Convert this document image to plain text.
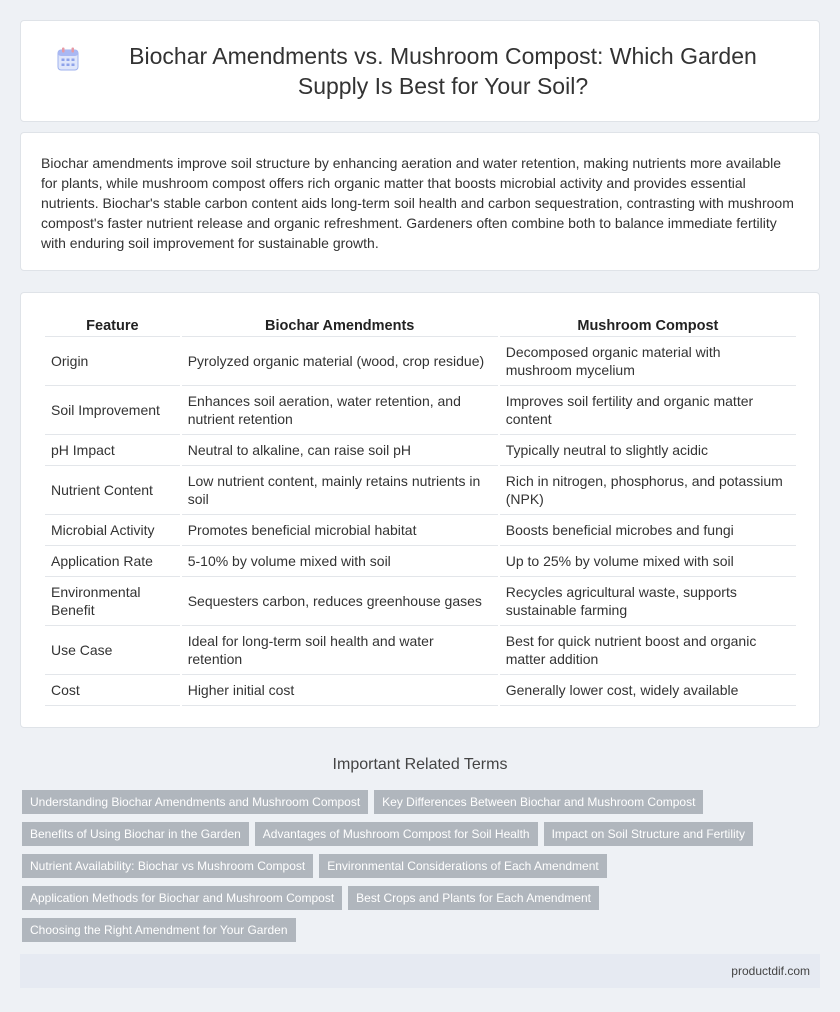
Biochar Amendments vs. Mushroom Compost: Which Garden Supply Is Best for Your Soil?

Biochar amendments improve soil structure by enhancing aeration and water retention, making nutrients more available for plants, while mushroom compost offers rich organic matter that boosts microbial activity and provides essential nutrients. Biochar's stable carbon content aids long-term soil health and carbon sequestration, contrasting with mushroom compost's faster nutrient release and organic refreshment. Gardeners often combine both to balance immediate fertility with enduring soil improvement for sustainable growth.

Feature	Biochar Amendments	Mushroom Compost
Origin	Pyrolyzed organic material (wood, crop residue)	Decomposed organic material with mushroom mycelium
Soil Improvement	Enhances soil aeration, water retention, and nutrient retention	Improves soil fertility and organic matter content
pH Impact	Neutral to alkaline, can raise soil pH	Typically neutral to slightly acidic
Nutrient Content	Low nutrient content, mainly retains nutrients in soil	Rich in nitrogen, phosphorus, and potassium (NPK)
Microbial Activity	Promotes beneficial microbial habitat	Boosts beneficial microbes and fungi
Application Rate	5-10% by volume mixed with soil	Up to 25% by volume mixed with soil
Environmental Benefit	Sequesters carbon, reduces greenhouse gases	Recycles agricultural waste, supports sustainable farming
Use Case	Ideal for long-term soil health and water retention	Best for quick nutrient boost and organic matter addition
Cost	Higher initial cost	Generally lower cost, widely available
Important Related Terms
Understanding Biochar Amendments and Mushroom Compost	Key Differences Between Biochar and Mushroom Compost
Benefits of Using Biochar in the Garden	Advantages of Mushroom Compost for Soil Health	Impact on Soil Structure and Fertility
Nutrient Availability: Biochar vs Mushroom Compost	Environmental Considerations of Each Amendment
Application Methods for Biochar and Mushroom Compost	Best Crops and Plants for Each Amendment
Choosing the Right Amendment for Your Garden
productdif.com
